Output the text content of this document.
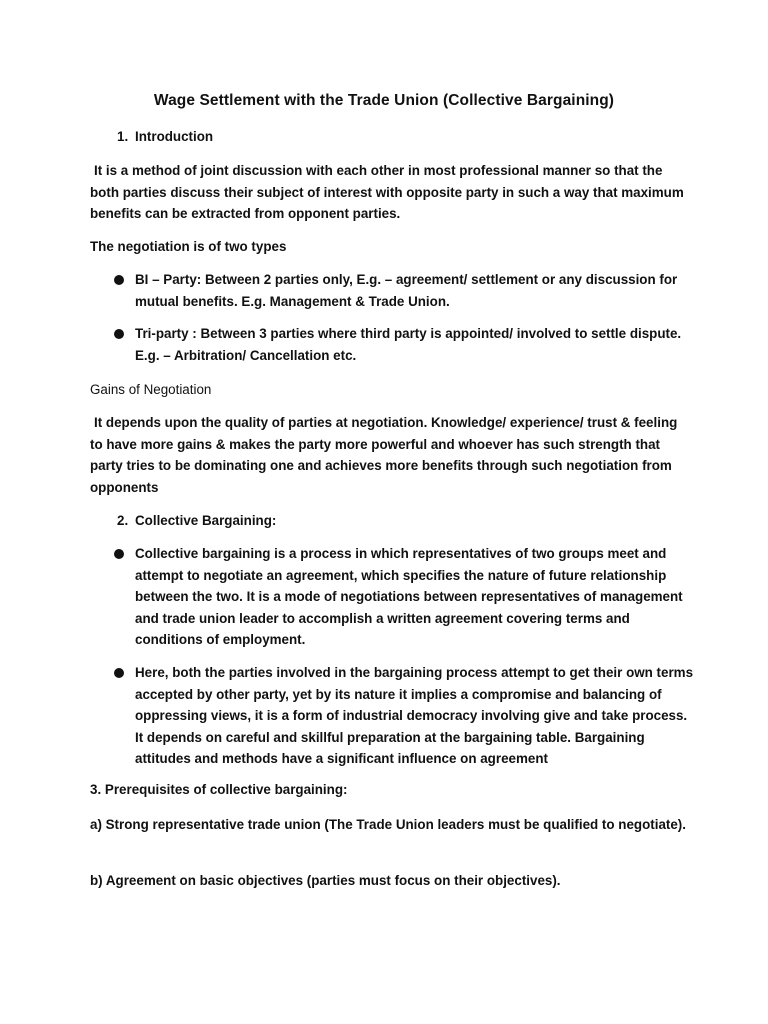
Wage Settlement with the Trade Union (Collective Bargaining)
1. Introduction
It is a method of joint discussion with each other in most professional manner so that the both parties discuss their subject of interest with opposite party in such a way that maximum benefits can be extracted from opponent parties.
The negotiation is of two types
BI – Party: Between 2 parties only, E.g. – agreement/ settlement or any discussion for mutual benefits. E.g. Management & Trade Union.
Tri-party : Between 3 parties where third party is appointed/ involved to settle dispute. E.g. – Arbitration/ Cancellation etc.
Gains of Negotiation
It depends upon the quality of parties at negotiation. Knowledge/ experience/ trust & feeling to have more gains & makes the party more powerful and whoever has such strength that party tries to be dominating one and achieves more benefits through such negotiation from opponents
2. Collective Bargaining:
Collective bargaining is a process in which representatives of two groups meet and attempt to negotiate an agreement, which specifies the nature of future relationship between the two. It is a mode of negotiations between representatives of management and trade union leader to accomplish a written agreement covering terms and conditions of employment.
Here, both the parties involved in the bargaining process attempt to get their own terms accepted by other party, yet by its nature it implies a compromise and balancing of oppressing views, it is a form of industrial democracy involving give and take process. It depends on careful and skillful preparation at the bargaining table. Bargaining attitudes and methods have a significant influence on agreement
3. Prerequisites of collective bargaining:
a) Strong representative trade union (The Trade Union leaders must be qualified to negotiate).
b) Agreement on basic objectives (parties must focus on their objectives).
